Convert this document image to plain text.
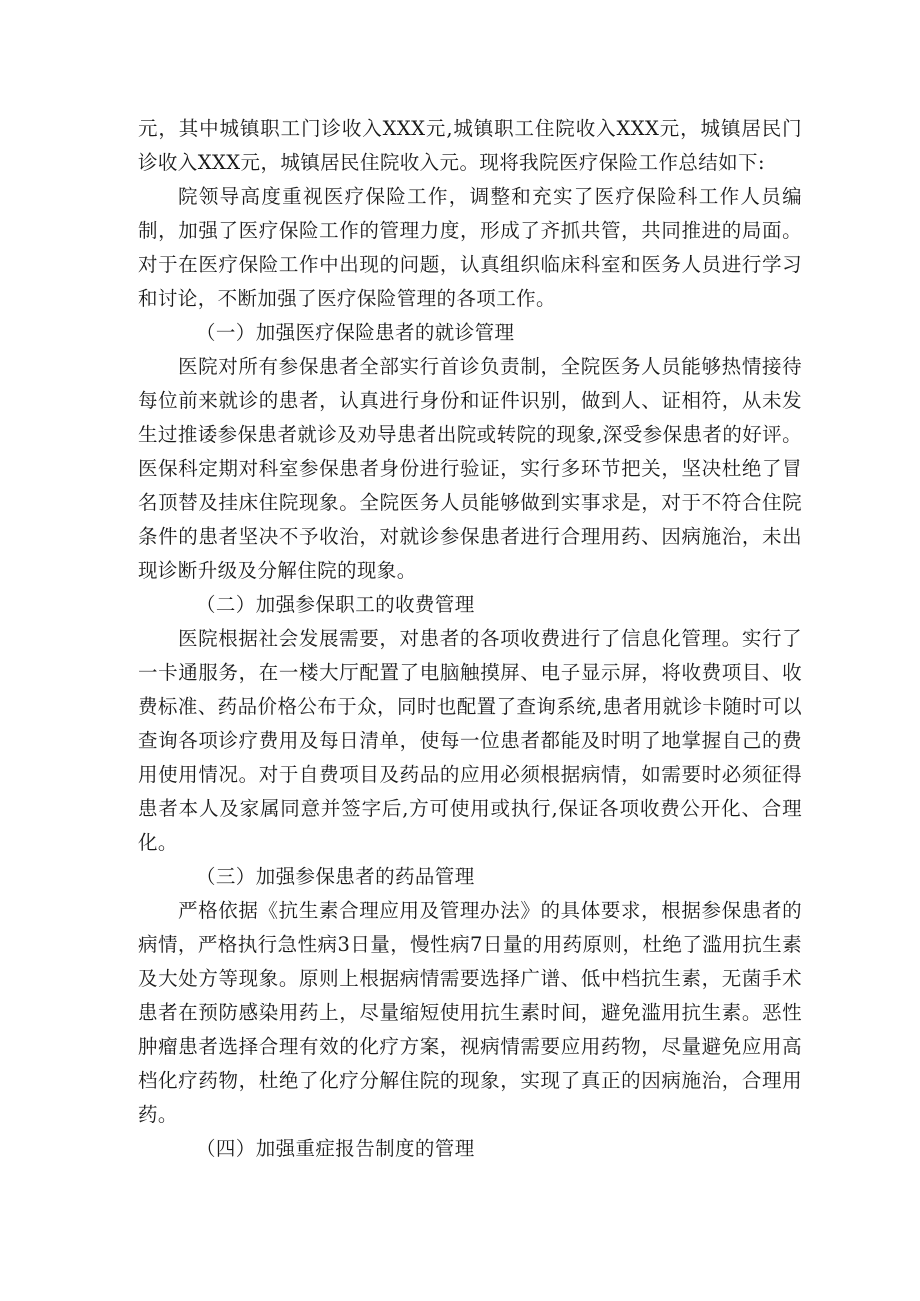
元，其中城镇职工门诊收入XXX元,城镇职工住院收入XXX元，城镇居民门诊收入XXX元，城镇居民住院收入元。现将我院医疗保险工作总结如下:

院领导高度重视医疗保险工作，调整和充实了医疗保险科工作人员编制，加强了医疗保险工作的管理力度，形成了齐抓共管，共同推进的局面。对于在医疗保险工作中出现的问题，认真组织临床科室和医务人员进行学习和讨论，不断加强了医疗保险管理的各项工作。

（一）加强医疗保险患者的就诊管理

医院对所有参保患者全部实行首诊负责制，全院医务人员能够热情接待每位前来就诊的患者，认真进行身份和证件识别，做到人、证相符，从未发生过推诿参保患者就诊及劝导患者出院或转院的现象,深受参保患者的好评。医保科定期对科室参保患者身份进行验证，实行多环节把关，坚决杜绝了冒名顶替及挂床住院现象。全院医务人员能够做到实事求是，对于不符合住院条件的患者坚决不予收治，对就诊参保患者进行合理用药、因病施治，未出现诊断升级及分解住院的现象。

（二）加强参保职工的收费管理

医院根据社会发展需要，对患者的各项收费进行了信息化管理。实行了一卡通服务，在一楼大厅配置了电脑触摸屏、电子显示屏，将收费项目、收费标准、药品价格公布于众，同时也配置了查询系统,患者用就诊卡随时可以查询各项诊疗费用及每日清单，使每一位患者都能及时明了地掌握自己的费用使用情况。对于自费项目及药品的应用必须根据病情，如需要时必须征得患者本人及家属同意并签字后,方可使用或执行,保证各项收费公开化、合理化。

（三）加强参保患者的药品管理

严格依据《抗生素合理应用及管理办法》的具体要求，根据参保患者的病情，严格执行急性病3日量，慢性病7日量的用药原则，杜绝了滥用抗生素及大处方等现象。原则上根据病情需要选择广谱、低中档抗生素，无菌手术患者在预防感染用药上，尽量缩短使用抗生素时间，避免滥用抗生素。恶性肿瘤患者选择合理有效的化疗方案，视病情需要应用药物，尽量避免应用高档化疗药物，杜绝了化疗分解住院的现象，实现了真正的因病施治，合理用药。

（四）加强重症报告制度的管理
